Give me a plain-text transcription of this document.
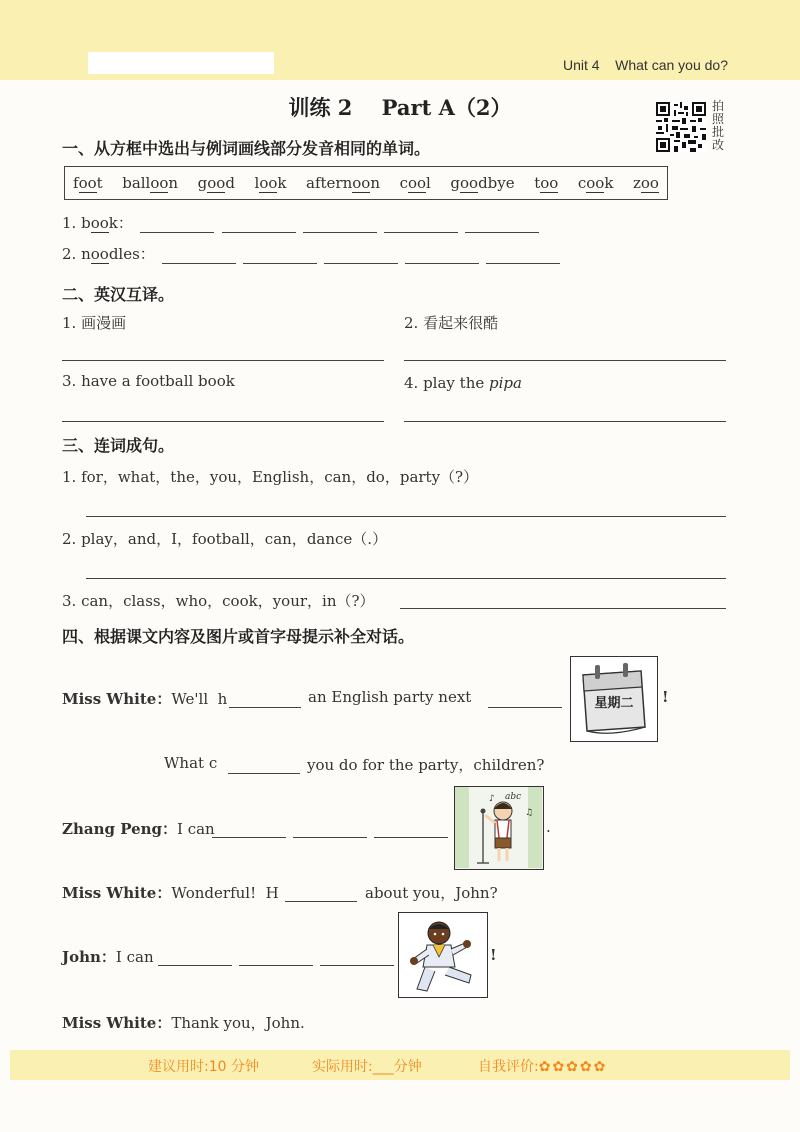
Unit 4    What can you do?
训练 2    Part A（2）	拍
照
批
改
一、从方框中选出与例词画线部分发音相同的单词。
foot balloon good look afternoon cool goodbye too cook zoo
1. book：
2. noodles：
二、英汉互译。
1. 画漫画	2. 看起来很酷
3. have a football book	4. play the pipa
三、连词成句。
1. for，what，the，you，English，can，do，party（?）
2. play，and，I，football，can，dance（.）
3. can，class，who，cook，your，in（?）
四、根据课文内容及图片或首字母提示补全对话。
Miss White：We'll  h	an English party next	!
星期二
What c	you do for the party，children?
Zhang Peng：I can	.
abc
♪
♫
Miss White：Wonderful!  H	about you，John?
John：I can	!
Miss White：Thank you，John.
建议用时:10 分钟	实际用时:___分钟	自我评价:✿✿✿✿✿
